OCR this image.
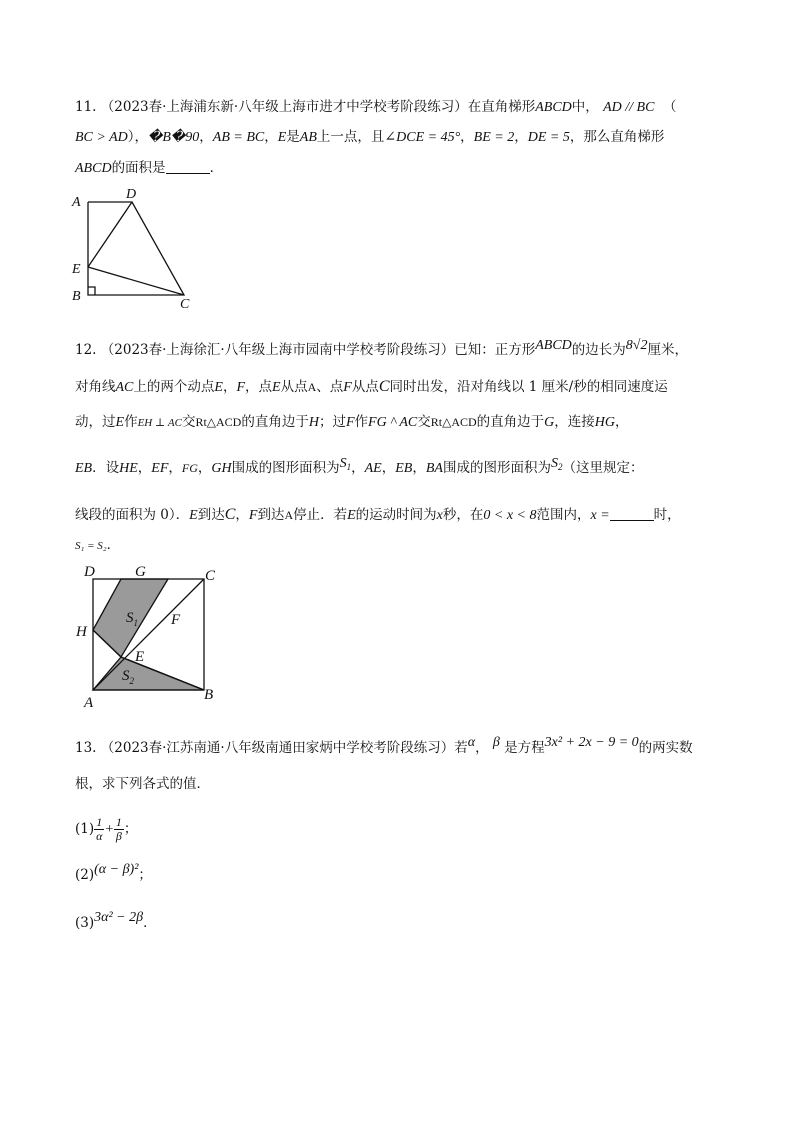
11. （2023春·上海浦东新·八年级上海市进才中学校考阶段练习）在直角梯形ABCD中， AD // BC （
BC > AD），�B�90，AB = BC，E是AB上一点，且∠DCE = 45°，BE = 2，DE = 5，那么直角梯形
ABCD的面积是	．
A
D
E
B
C
12. （2023春·上海徐汇·八年级上海市园南中学校考阶段练习）已知：正方形ABCD的边长为8√2厘米，
对角线AC上的两个动点E，F，点E从点A、点F从点C同时出发，沿对角线以 1 厘米/秒的相同速度运
动，过E作EH ⊥ AC交Rt△ACD的直角边于H；过F作FG ^ AC交Rt△ACD的直角边于G，连接HG，
EB．设HE，EF，FG，GH围成的图形面积为$S_1$，AE，EB，BA围成的图形面积为$S_2$（这里规定：
线段的面积为 0）．E到达C，F到达A停止．若E的运动时间为x秒，在0 < x < 8范围内，x =	时，
S₁ = S₂．
D	G	C
H
F
E
A	B
$S_1$
$S_2$
13. （2023春·江苏南通·八年级南通田家炳中学校考阶段练习）若α， β 是方程3x² + 2x − 9 = 0的两实数
根，求下列各式的值．
$(1) \frac{1}{\alpha} + \frac{1}{\beta}$ ；
(2)(α − β)²；
(3)3α² − 2β．
